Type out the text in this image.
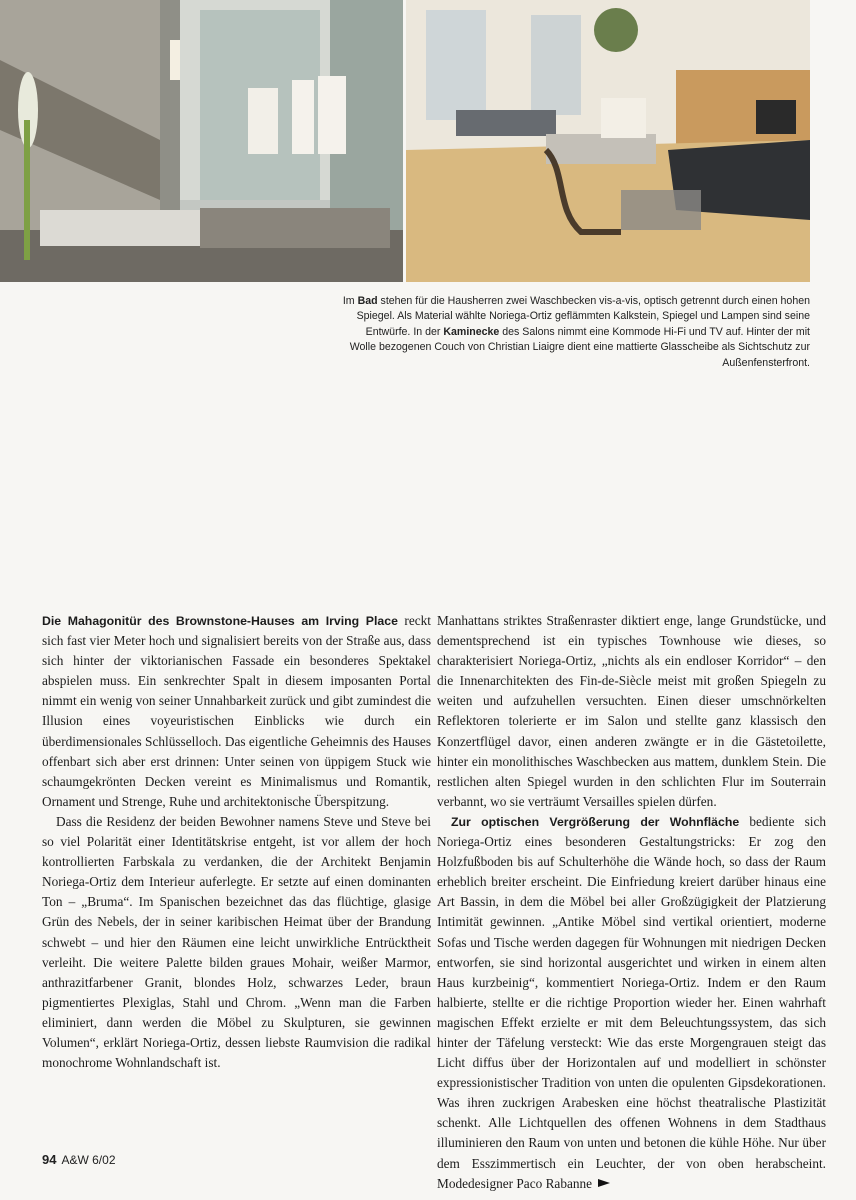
Im Bad stehen für die Hausherren zwei Waschbecken vis-a-vis, optisch getrennt durch einen hohen Spiegel. Als Material wählte Noriega-Ortiz geflämmten Kalkstein, Spiegel und Lampen sind seine Entwürfe. In der Kaminecke des Salons nimmt eine Kommode Hi-Fi und TV auf. Hinter der mit Wolle bezogenen Couch von Christian Liaigre dient eine mattierte Glasscheibe als Sichtschutz zur Außenfensterfront.

Die Mahagonitür des Brownstone-Hauses am Irving Place reckt sich fast vier Meter hoch und signalisiert bereits von der Straße aus, dass sich hinter der viktorianischen Fassade ein besonderes Spektakel abspielen muss. Ein senkrechter Spalt in diesem imposanten Portal nimmt ein wenig von seiner Unnahbarkeit zurück und gibt zumindest die Illusion eines voyeuristischen Einblicks wie durch ein überdimensionales Schlüsselloch. Das eigentliche Geheimnis des Hauses offenbart sich aber erst drinnen: Unter seinen von üppigem Stuck wie schaumgekrönten Decken vereint es Minimalismus und Romantik, Ornament und Strenge, Ruhe und architektonische Überspitzung.

Dass die Residenz der beiden Bewohner namens Steve und Steve bei so viel Polarität einer Identitätskrise entgeht, ist vor allem der hoch kontrollierten Farbskala zu verdanken, die der Architekt Benjamin Noriega-Ortiz dem Interieur auferlegte. Er setzte auf einen dominanten Ton – „Bruma“. Im Spanischen bezeichnet das das flüchtige, glasige Grün des Nebels, der in seiner karibischen Heimat über der Brandung schwebt – und hier den Räumen eine leicht unwirkliche Entrücktheit verleiht. Die weitere Palette bilden graues Mohair, weißer Marmor, anthrazitfarbener Granit, blondes Holz, schwarzes Leder, braun pigmentiertes Plexiglas, Stahl und Chrom. „Wenn man die Farben eliminiert, dann werden die Möbel zu Skulpturen, sie gewinnen Volumen“, erklärt Noriega-Ortiz, dessen liebste Raumvision die radikal monochrome Wohnlandschaft ist.

Manhattans striktes Straßenraster diktiert enge, lange Grundstücke, und dementsprechend ist ein typisches Townhouse wie dieses, so charakterisiert Noriega-Ortiz, „nichts als ein endloser Korridor“ – den die Innenarchitekten des Fin-de-Siècle meist mit großen Spiegeln zu weiten und aufzuhellen versuchten. Einen dieser umschnörkelten Reflektoren tolerierte er im Salon und stellte ganz klassisch den Konzertflügel davor, einen anderen zwängte er in die Gästetoilette, hinter ein monolithisches Waschbecken aus mattem, dunklem Stein. Die restlichen alten Spiegel wurden in den schlichten Flur im Souterrain verbannt, wo sie verträumt Versailles spielen dürfen.

Zur optischen Vergrößerung der Wohnfläche bediente sich Noriega-Ortiz eines besonderen Gestaltungstricks: Er zog den Holzfußboden bis auf Schulterhöhe die Wände hoch, so dass der Raum erheblich breiter erscheint. Die Einfriedung kreiert darüber hinaus eine Art Bassin, in dem die Möbel bei aller Großzügigkeit der Platzierung Intimität gewinnen. „Antike Möbel sind vertikal orientiert, moderne Sofas und Tische werden dagegen für Wohnungen mit niedrigen Decken entworfen, sie sind horizontal ausgerichtet und wirken in einem alten Haus kurzbeinig“, kommentiert Noriega-Ortiz. Indem er den Raum halbierte, stellte er die richtige Proportion wieder her. Einen wahrhaft magischen Effekt erzielte er mit dem Beleuchtungssystem, das sich hinter der Täfelung versteckt: Wie das erste Morgengrauen steigt das Licht diffus über der Horizontalen auf und modelliert in schönster expressionistischer Tradition von unten die opulenten Gipsdekorationen. Was ihren zuckrigen Arabesken eine höchst theatralische Plastizität schenkt. Alle Lichtquellen des offenen Wohnens in dem Stadthaus illuminieren den Raum von unten und betonen die kühle Höhe. Nur über dem Esszimmertisch ein Leuchter, der von oben herabscheint. Modedesigner Paco Rabanne

94 A&W 6/02
